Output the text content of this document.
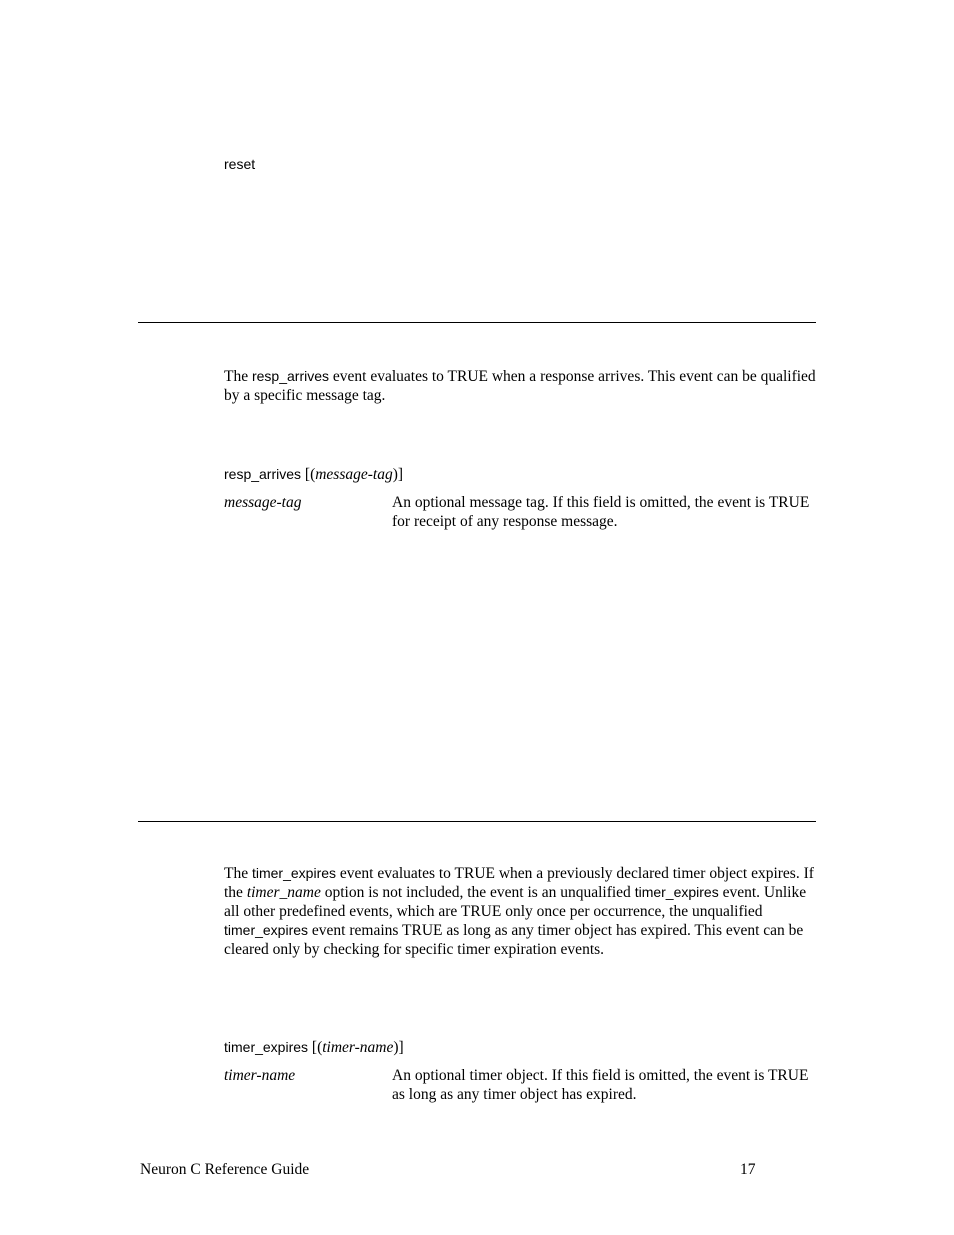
reset

The resp_arrives event evaluates to TRUE when a response arrives. This event can be qualified by a specific message tag.

resp_arrives [(message-tag)]
message-tag	An optional message tag. If this field is omitted, the event is TRUE for receipt of any response message.

The timer_expires event evaluates to TRUE when a previously declared timer object expires. If the timer_name option is not included, the event is an unqualified timer_expires event. Unlike all other predefined events, which are TRUE only once per occurrence, the unqualified timer_expires event remains TRUE as long as any timer object has expired. This event can be cleared only by checking for specific timer expiration events.

timer_expires [(timer-name)]
timer-name	An optional timer object. If this field is omitted, the event is TRUE as long as any timer object has expired.

Neuron C Reference Guide	17
